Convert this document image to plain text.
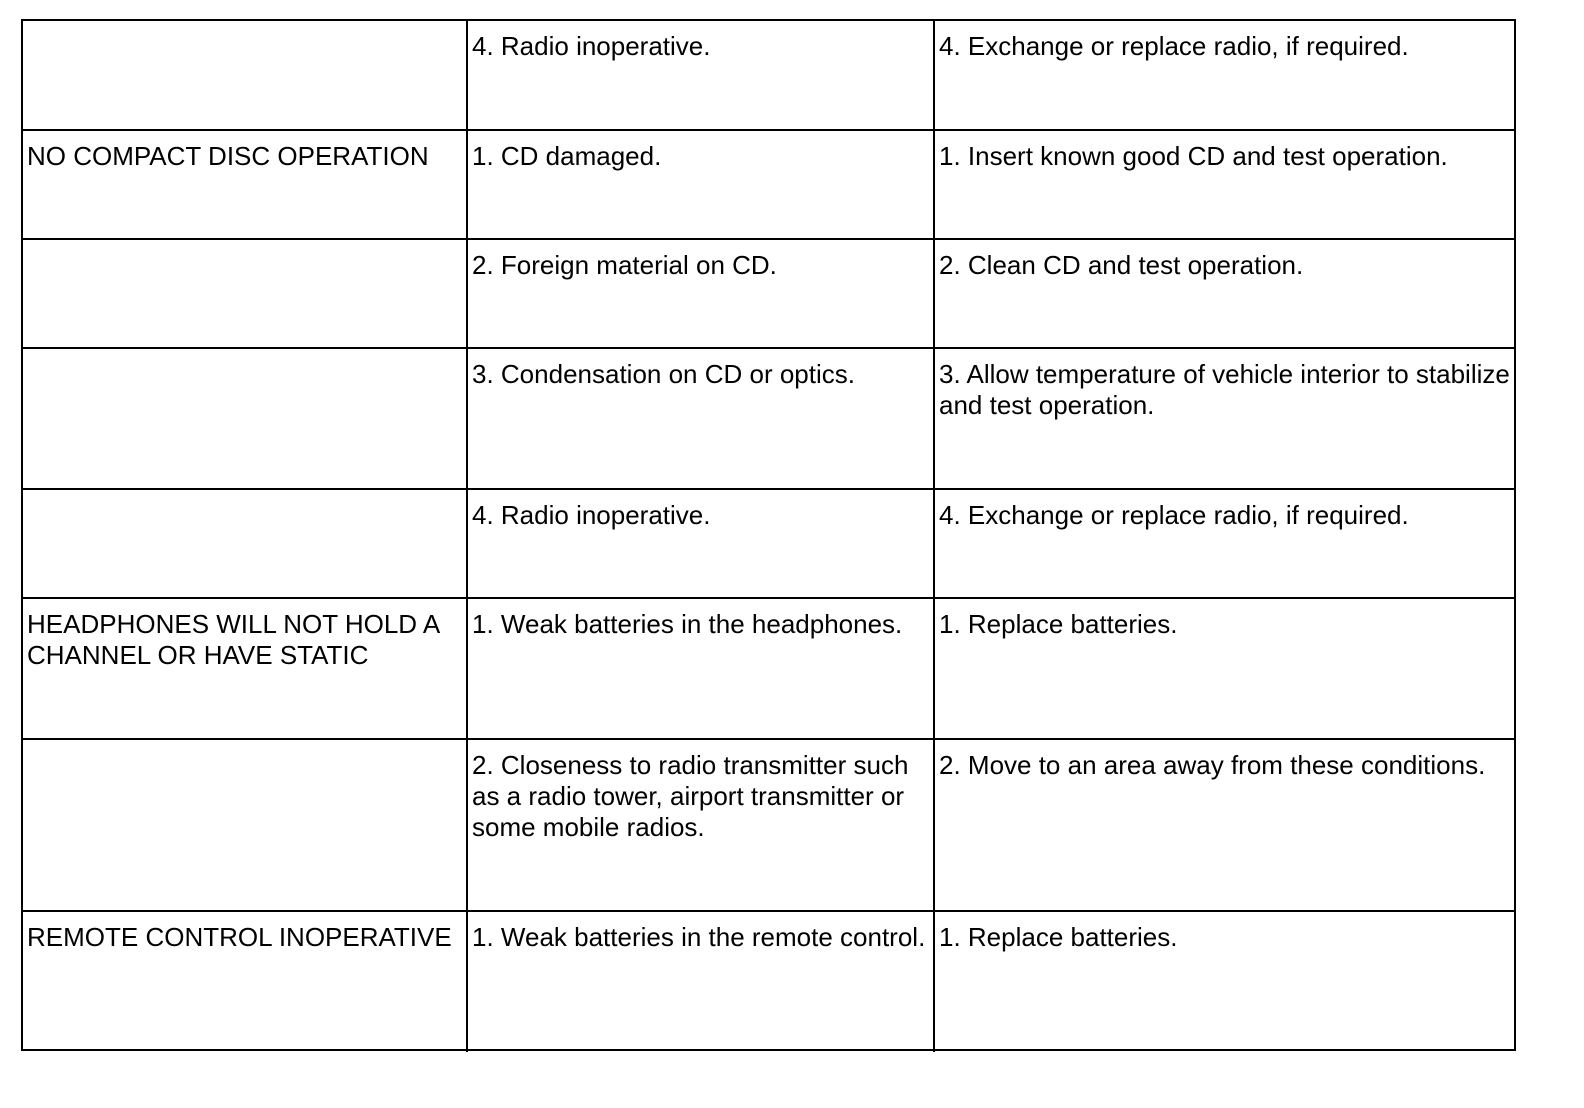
	4. Radio inoperative.	4. Exchange or replace radio, if required.
NO COMPACT DISC OPERATION	1. CD damaged.	1. Insert known good CD and test operation.
	2. Foreign material on CD.	2. Clean CD and test operation.
	3. Condensation on CD or optics.	3. Allow temperature of vehicle interior to stabilize and test operation.
	4. Radio inoperative.	4. Exchange or replace radio, if required.
HEADPHONES WILL NOT HOLD A CHANNEL OR HAVE STATIC	1. Weak batteries in the headphones.	1. Replace batteries.
	2. Closeness to radio transmitter such as a radio tower, airport transmitter or some mobile radios.	2. Move to an area away from these conditions.
REMOTE CONTROL INOPERATIVE	1. Weak batteries in the remote control.	1. Replace batteries.
